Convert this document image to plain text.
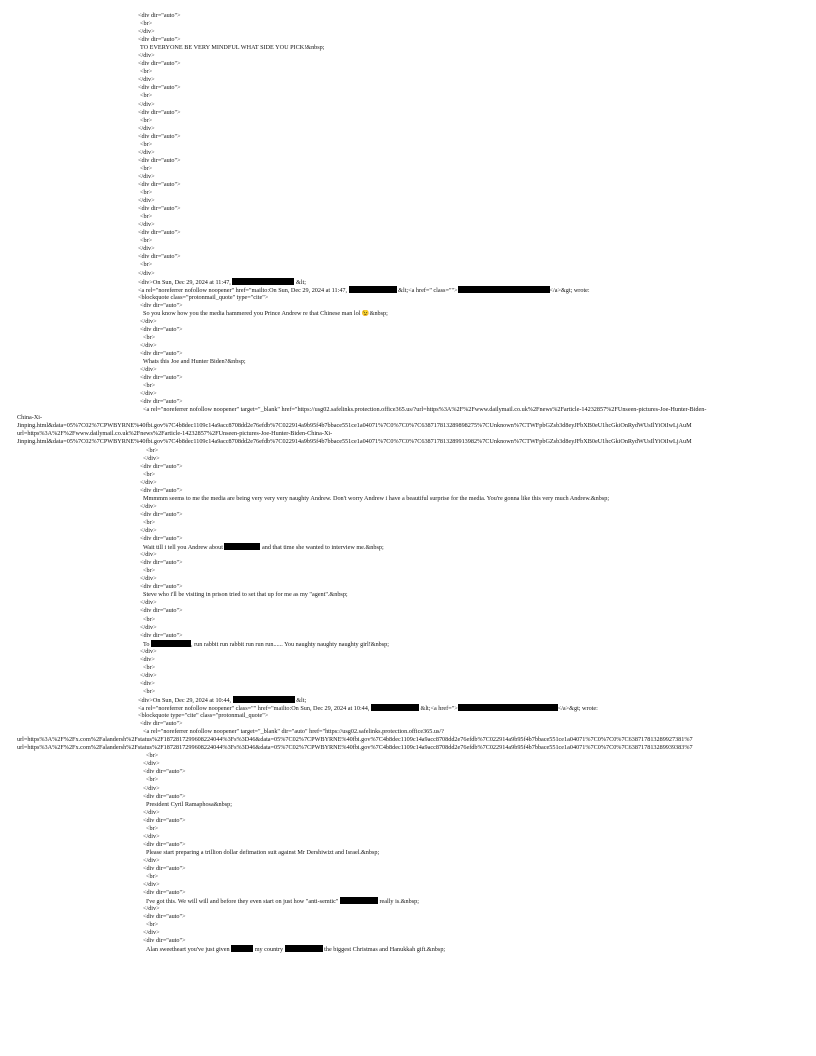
<div dir="auto">
<br>
</div>
<div dir="auto">
TO EVERYONE BE VERY MINDFUL WHAT SIDE YOU PICK!&nbsp;
</div>
<div dir="auto">
<br>
</div>
<div dir="auto">
<br>
</div>
<div dir="auto">
<br>
</div>
<div dir="auto">
<br>
</div>
<div dir="auto">
<br>
</div>
<div dir="auto">
<br>
</div>
<div dir="auto">
<br>
</div>
<div dir="auto">
<br>
</div>
<div dir="auto">
<br>
</div>
<div>On Sun, Dec 29, 2024 at 11:47,	&lt;
<a rel="noreferrer nofollow noopener" href="mailto:On Sun, Dec 29, 2024 at 11:47,	&lt;<a href=" class="">	</a>&gt; wrote:
<blockquote class="protonmail_quote" type="cite">
<div dir="auto">
So you know how you the media hammered you Prince Andrew re that Chinese man lol 😉&nbsp;
</div>
<div dir="auto">
<br>
</div>
<div dir="auto">
Whats this Joe and Hunter Biden?&nbsp;
</div>
<div dir="auto">
<br>
</div>
<div dir="auto">
<a rel="noreferrer nofollow noopener" target="_blank" href="https://usg02.safelinks.protection.office365.us/?url=https%3A%2F%2Fwww.dailymail.co.uk%2Fnews%2Farticle-14232857%2FUnseen-pictures-Joe-Hunter-Biden-
China-Xi-
Jinping.html&data=05%7C02%7CPWBYRNE%40fbi.gov%7C4b8dec1109c14a9acc8708dd2e76efdb%7C022914a9b95f4b7bbace551ce1a04071%7C0%7C0%7C638717813289898275%7CUnknown%7CTWFpbGZsb3d8eyJFbXB0eU1hcGkiOnRydWUsIlYiOiIwLjAuM
url=https%3A%2F%2Fwww.dailymail.co.uk%2Fnews%2Farticle-14232857%2FUnseen-pictures-Joe-Hunter-Biden-China-Xi-
Jinping.html&data=05%7C02%7CPWBYRNE%40fbi.gov%7C4b8dec1109c14a9acc8708dd2e76efdb%7C022914a9b95f4b7bbace551ce1a04071%7C0%7C0%7C638717813289913982%7CUnknown%7CTWFpbGZsb3d8eyJFbXB0eU1hcGkiOnRydWUsIlYiOiIwLjAuM
<br>
</div>
<div dir="auto">
<br>
</div>
<div dir="auto">
Mmmmm seems to me the media are being very very very naughty Andrew. Don't worry Andrew i have a beautiful surprise for the media. You're gonna like this very much Andrew.&nbsp;
</div>
<div dir="auto">
<br>
</div>
<div dir="auto">
Wait till i tell you Andrew about	and that time she wanted to interview me.&nbsp;
</div>
<div dir="auto">
<br>
</div>
<div dir="auto">
Steve who i'll be visiting in prison tried to set that up for me as my "agent".&nbsp;
</div>
<div dir="auto">
<br>
</div>
<div dir="auto">
To	, run rabbit run rabbit run run run...... You naughty naughty naughty girl!&nbsp;
</div>
<div>
<br>
</div>
<div>
<br>
<div>On Sun, Dec 29, 2024 at 10:44,	&lt;
<a rel="noreferrer nofollow noopener" class="" href="mailto:On Sun, Dec 29, 2024 at 10:44,	&lt;<a href=">	</a>&gt; wrote:
<blockquote type="cite" class="protonmail_quote">
<div dir="auto">
<a rel="noreferrer nofollow noopener" target="_blank" dir="auto" href="https://usg02.safelinks.protection.office365.us/?
url=https%3A%2F%2Fx.com%2Falandersh%2Fstatus%2F1872817299608224044%3Fs%3D46&data=05%7C02%7CPWBYRNE%40fbi.gov%7C4b8dec1109c14a9acc8708dd2e76efdb%7C022914a9b95f4b7bbace551ce1a04071%7C0%7C0%7C638717813289927381%7
url=https%3A%2F%2Fx.com%2Falandersh%2Fstatus%2F1872817299608224044%3Fs%3D46&data=05%7C02%7CPWBYRNE%40fbi.gov%7C4b8dec1109c14a9acc8708dd2e76efdb%7C022914a9b95f4b7bbace551ce1a04071%7C0%7C0%7C638717813289939383%7
<br>
</div>
<div dir="auto">
<br>
</div>
<div dir="auto">
President Cyril Ramaphosa&nbsp;
</div>
<div dir="auto">
<br>
</div>
<div dir="auto">
Please start preparing a trillion dollar defimation suit against Mr Dershiwizt and Israel.&nbsp;
</div>
<div dir="auto">
<br>
</div>
<div dir="auto">
I've got this. We will will and before they even start on just how "anti-semtic"	really is.&nbsp;
</div>
<div dir="auto">
<br>
</div>
<div dir="auto">
Alan sweetheart you've just given	my country	the biggest Christmas and Hanukkah gift.&nbsp;
